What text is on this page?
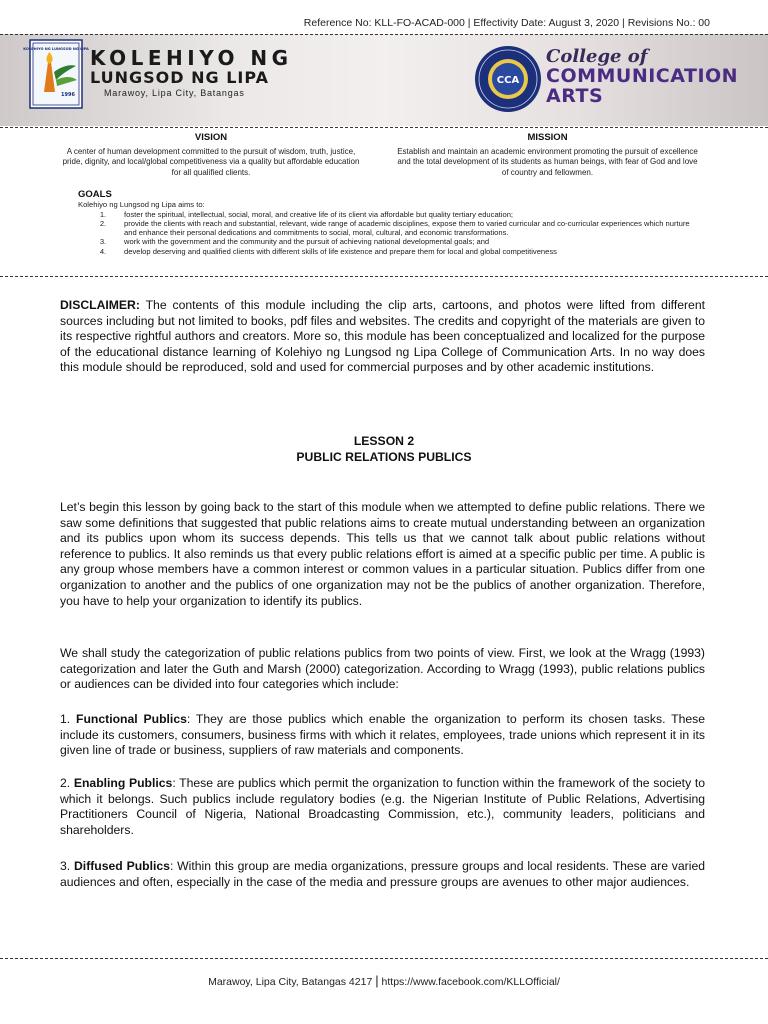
Reference No: KLL-FO-ACAD-000 | Effectivity Date: August 3, 2020 | Revisions No.: 00
KOLEHIYO NG LUNGSOD NG LIPA
1996
KOLEHIYO NG
LUNGSOD NG LIPA
Marawoy, Lipa City, Batangas
CCA
College of
COMMUNICATION
ARTS
VISION
A center of human development committed to the pursuit of wisdom, truth, justice, pride, dignity, and local/global competitiveness via a quality but affordable education for all qualified clients.
MISSION
Establish and maintain an academic environment promoting the pursuit of excellence and the total development of its students as human beings, with fear of God and love of country and fellowmen.
GOALS
Kolehiyo ng Lungsod ng Lipa aims to:
1.	foster the spiritual, intellectual, social, moral, and creative life of its client via affordable but quality tertiary education;
2.	provide the clients with reach and substantial, relevant, wide range of academic disciplines, expose them to varied curricular and co-curricular experiences which nurture and enhance their personal dedications and commitments to social, moral, cultural, and economic transformations.
3.	work with the government and the community and the pursuit of achieving national developmental goals; and
4.	develop deserving and qualified clients with different skills of life existence and prepare them for local and global competitiveness

DISCLAIMER: The contents of this module including the clip arts, cartoons, and photos were lifted from different sources including but not limited to books, pdf files and websites. The credits and copyright of the materials are given to its respective rightful authors and creators. More so, this module has been conceptualized and localized for the purpose of the educational distance learning of Kolehiyo ng Lungsod ng Lipa College of Communication Arts. In no way does this module should be reproduced, sold and used for commercial purposes and by other academic institutions.

LESSON 2
PUBLIC RELATIONS PUBLICS

Let’s begin this lesson by going back to the start of this module when we attempted to define public relations. There we saw some definitions that suggested that public relations aims to create mutual understanding between an organization and its publics upon whom its success depends. This tells us that we cannot talk about public relations without reference to publics. It also reminds us that every public relations effort is aimed at a specific public per time. A public is any group whose members have a common interest or common values in a particular situation. Publics differ from one organization to another and the publics of one organization may not be the publics of another organization. Therefore, you have to help your organization to identify its publics.

We shall study the categorization of public relations publics from two points of view. First, we look at the Wragg (1993) categorization and later the Guth and Marsh (2000) categorization. According to Wragg (1993), public relations publics or audiences can be divided into four categories which include:

1. Functional Publics: They are those publics which enable the organization to perform its chosen tasks. These include its customers, consumers, business firms with which it relates, employees, trade unions which represent it in its given line of trade or business, suppliers of raw materials and components.

2. Enabling Publics: These are publics which permit the organization to function within the framework of the society to which it belongs. Such publics include regulatory bodies (e.g. the Nigerian Institute of Public Relations, Advertising Practitioners Council of Nigeria, National Broadcasting Commission, etc.), community leaders, politicians and shareholders.

3. Diffused Publics: Within this group are media organizations, pressure groups and local residents. These are varied audiences and often, especially in the case of the media and pressure groups are avenues to other major audiences.

Marawoy, Lipa City, Batangas 4217 | https://www.facebook.com/KLLOfficial/
